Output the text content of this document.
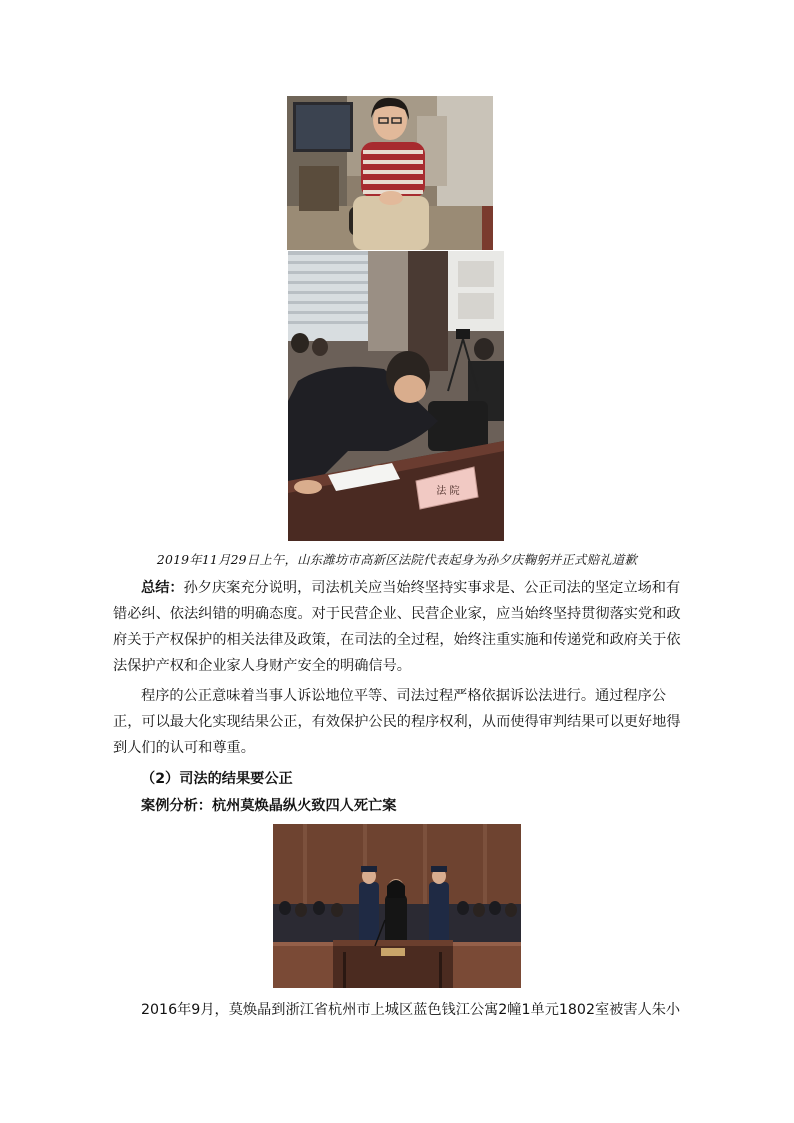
法 院
2019年11月29日上午，山东潍坊市高新区法院代表起身为孙夕庆鞠躬并正式赔礼道歉

总结：孙夕庆案充分说明，司法机关应当始终坚持实事求是、公正司法的坚定立场和有错必纠、依法纠错的明确态度。对于民营企业、民营企业家，应当始终坚持贯彻落实党和政府关于产权保护的相关法律及政策，在司法的全过程，始终注重实施和传递党和政府关于依法保护产权和企业家人身财产安全的明确信号。

程序的公正意味着当事人诉讼地位平等、司法过程严格依据诉讼法进行。通过程序公正，可以最大化实现结果公正，有效保护公民的程序权利，从而使得审判结果可以更好地得到人们的认可和尊重。

（2）司法的结果要公正
案例分析：杭州莫焕晶纵火致四人死亡案

2016年9月，莫焕晶到浙江省杭州市上城区蓝色钱江公寓2幢1单元1802室被害人朱小
